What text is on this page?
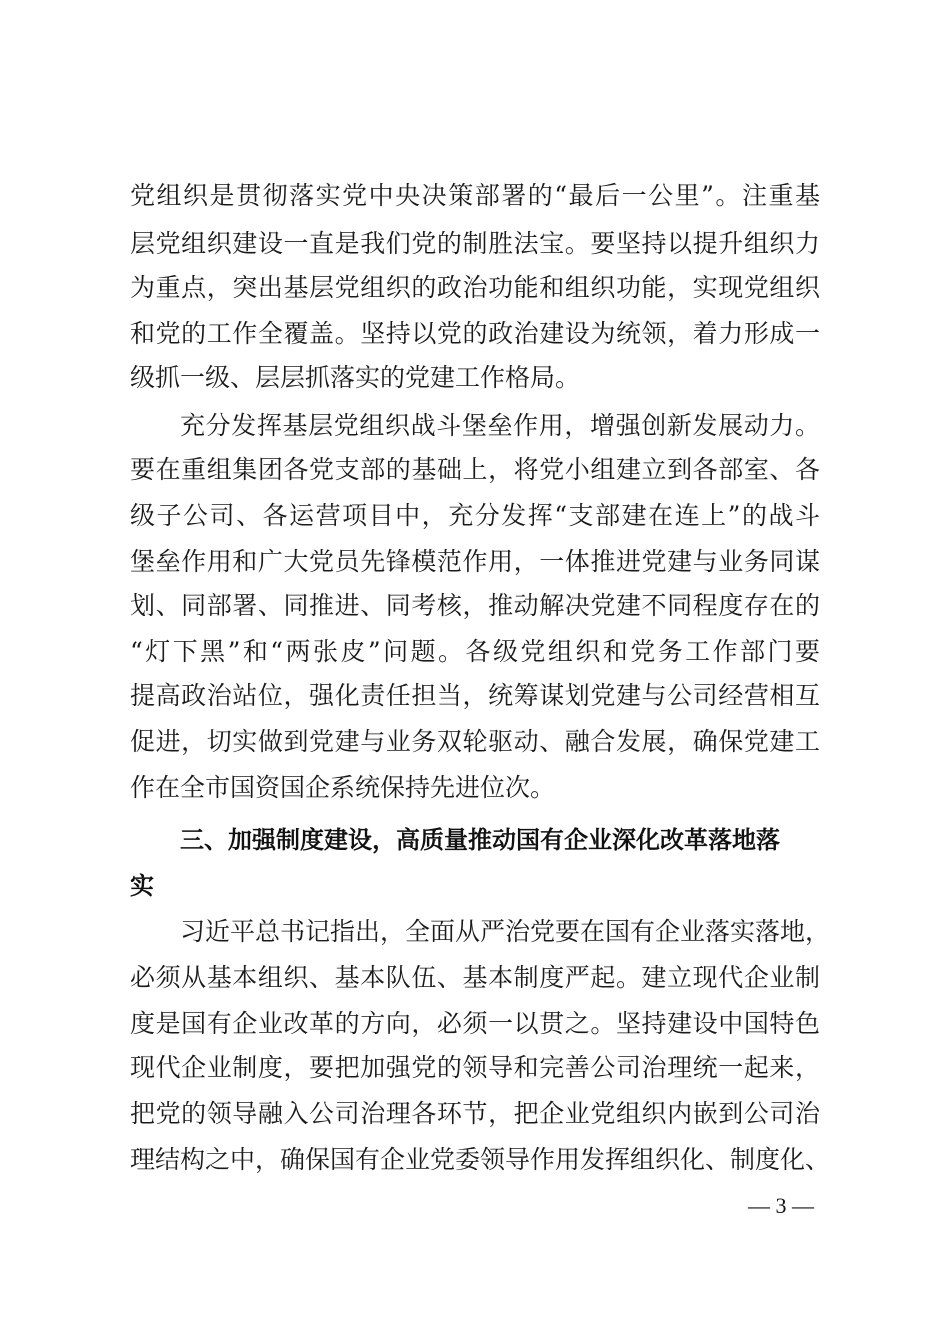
党组织是贯彻落实党中央决策部署的“最后一公里”。注重基
层党组织建设一直是我们党的制胜法宝。要坚持以提升组织力
为重点，突出基层党组织的政治功能和组织功能，实现党组织
和党的工作全覆盖。坚持以党的政治建设为统领，着力形成一
级抓一级、层层抓落实的党建工作格局。
充分发挥基层党组织战斗堡垒作用，增强创新发展动力。
要在重组集团各党支部的基础上，将党小组建立到各部室、各
级子公司、各运营项目中，充分发挥“支部建在连上”的战斗
堡垒作用和广大党员先锋模范作用，一体推进党建与业务同谋
划、同部署、同推进、同考核，推动解决党建不同程度存在的
“灯下黑”和“两张皮”问题。各级党组织和党务工作部门要
提高政治站位，强化责任担当，统筹谋划党建与公司经营相互
促进，切实做到党建与业务双轮驱动、融合发展，确保党建工
作在全市国资国企系统保持先进位次。
三、加强制度建设，高质量推动国有企业深化改革落地落
实
习近平总书记指出，全面从严治党要在国有企业落实落地，
必须从基本组织、基本队伍、基本制度严起。建立现代企业制
度是国有企业改革的方向，必须一以贯之。坚持建设中国特色
现代企业制度，要把加强党的领导和完善公司治理统一起来，
把党的领导融入公司治理各环节，把企业党组织内嵌到公司治
理结构之中，确保国有企业党委领导作用发挥组织化、制度化、
— 3 —
